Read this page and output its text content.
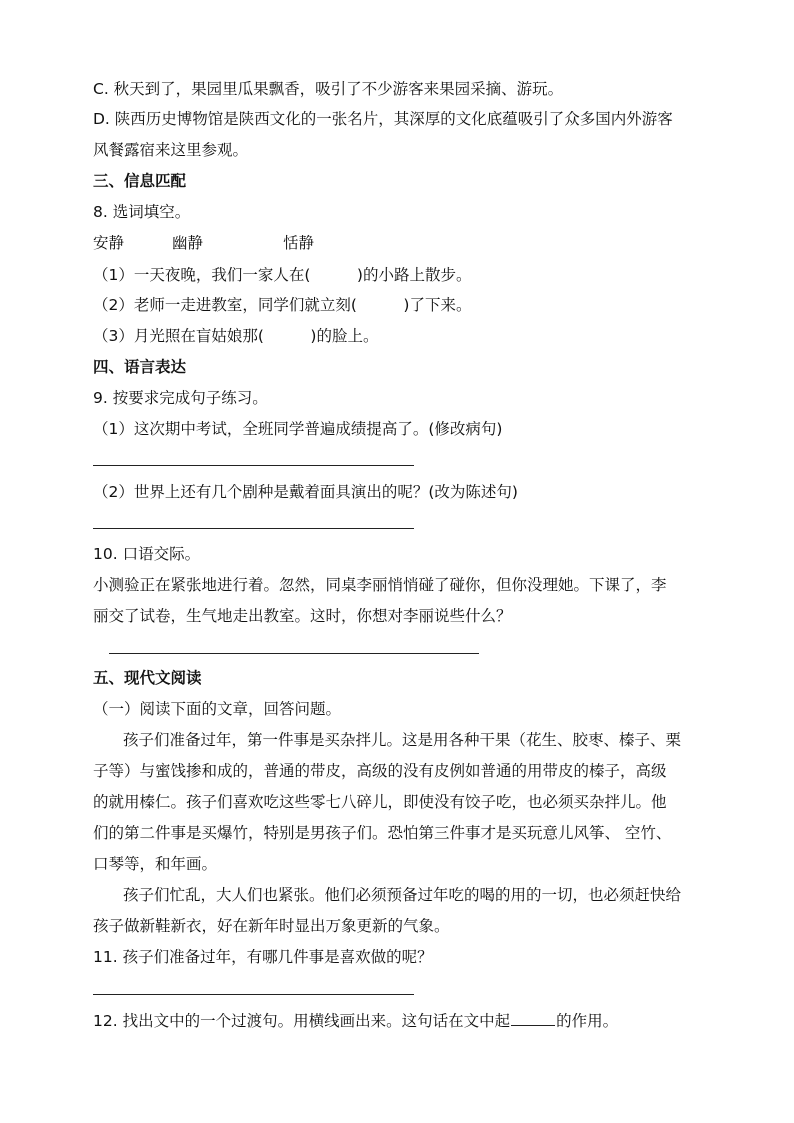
C. 秋天到了，果园里瓜果飘香，吸引了不少游客来果园采摘、游玩。
D. 陕西历史博物馆是陕西文化的一张名片，其深厚的文化底蕴吸引了众多国内外游客
风餐露宿来这里参观。
三、信息匹配
8. 选词填空。
安静	幽静	恬静
（1）一天夜晚，我们一家人在(　　　)的小路上散步。
（2）老师一走进教室，同学们就立刻(　　　)了下来。
（3）月光照在盲姑娘那(　　　)的脸上。
四、语言表达
9. 按要求完成句子练习。
（1）这次期中考试，全班同学普遍成绩提高了。(修改病句)
（2）世界上还有几个剧种是戴着面具演出的呢？(改为陈述句)
10. 口语交际。
小测验正在紧张地进行着。忽然，同桌李丽悄悄碰了碰你，但你没理她。下课了，李
丽交了试卷，生气地走出教室。这时，你想对李丽说些什么？
五、现代文阅读
（一）阅读下面的文章，回答问题。
孩子们准备过年，第一件事是买杂拌儿。这是用各种干果（花生、胶枣、榛子、栗
子等）与蜜饯掺和成的，普通的带皮，高级的没有皮例如普通的用带皮的榛子，高级
的就用榛仁。孩子们喜欢吃这些零七八碎儿，即使没有饺子吃，也必须买杂拌儿。他
们的第二件事是买爆竹，特别是男孩子们。恐怕第三件事才是买玩意儿风筝、 空竹、
口琴等，和年画。
孩子们忙乱，大人们也紧张。他们必须预备过年吃的喝的用的一切，也必须赶快给
孩子做新鞋新衣，好在新年时显出万象更新的气象。
11. 孩子们准备过年，有哪几件事是喜欢做的呢？
12. 找出文中的一个过渡句。用横线画出来。这句话在文中起	的作用。
